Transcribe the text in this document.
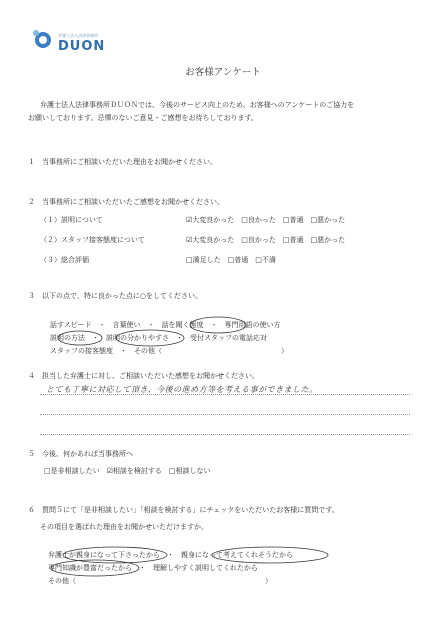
弁護士法人法律事務所
DUON
お客様アンケート
弁護士法人法律事務所ＤＵＯＮでは、今後のサービス向上のため、お客様へのアンケートのご協力を
お願いしております。忌憚のないご意見・ご感想をお待ちしております。
１　当事務所にご相談いただいた理由をお聞かせください。
２　当事務所にご相談いただいたご感想をお聞かせください。
（１）説明について	☑大変良かった　□良かった　□普通　□悪かった
（２）スタッフ接客態度について	☑大変良かった　□良かった　□普通　□悪かった
（３）総合評価	□満足した　□普通　□不満
３　以下の点で、特に良かった点に○をしてください。
話すスピード　・　言葉使い　・　話を聞く態度　・　専門用語の使い方
説明の方法　・　説明の分かりやすさ　・　受付スタッフの電話応対
スタッフの接客態度　・　その他（　　　　　　　　　　　　　　　　　）
４　担当した弁護士に対し、ご相談いただいた感想をお聞かせください。
とても丁寧に対応して頂き、今後の進め方等を考える事ができました。
５　今後、何かあれば当事務所へ
□是非相談したい　☑相談を検討する　□相談しない
６　質問５にて「是非相談したい」「相談を検討する」にチェックをいただいたお客様に質問です。
その項目を選ばれた理由をお聞かせいただけますか。
弁護士が親身になって下さったから　・　親身になって考えてくれそうだから
専門知識が豊富だったから　・　理解しやすく説明してくれたから
その他（　　　　　　　　　　　　　　　　　　　　　　　　　　　）
